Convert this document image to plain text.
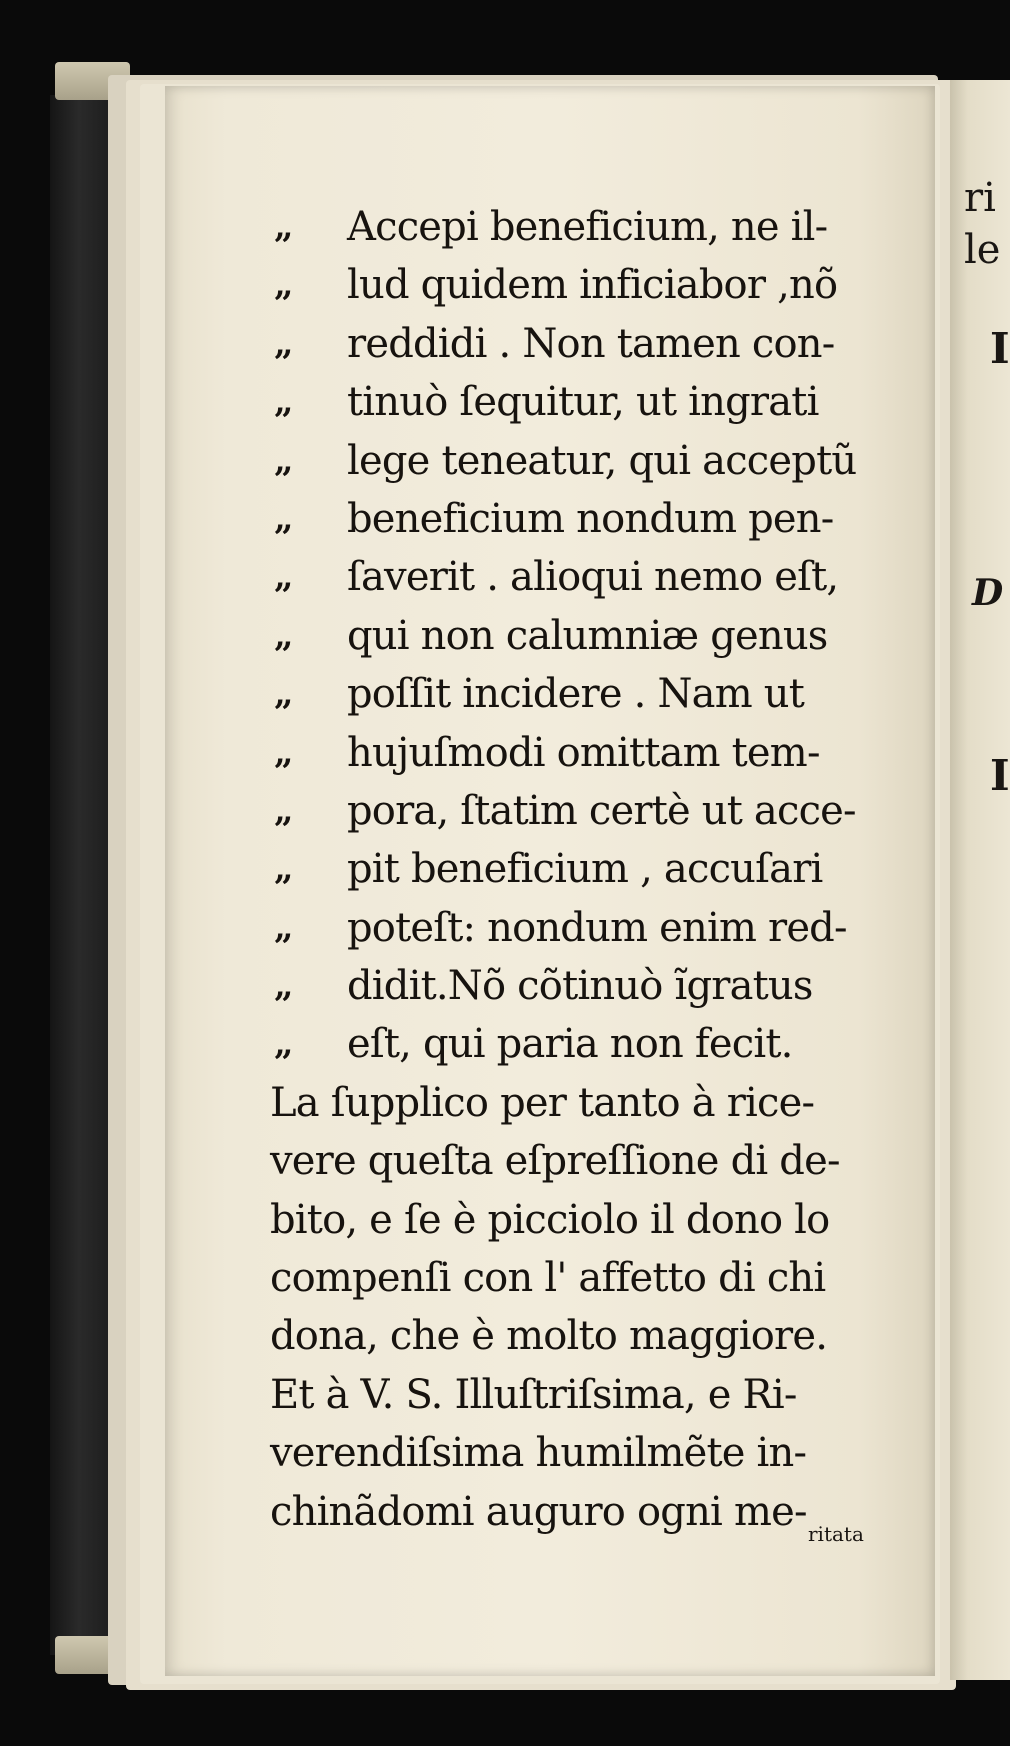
ri
le
I
D
I
„ Accepi beneficium, ne il-
„ lud quidem inficiabor ,nõ
„ reddidi . Non tamen con-
„ tinuò ſequitur, ut ingrati
„ lege teneatur, qui acceptũ
„ beneficium nondum pen-
„ ſaverit . alioqui nemo eſt,
„ qui non calumniæ genus
„ poſſit incidere . Nam ut
„ hujuſmodi omittam tem-
„ pora, ſtatim certè ut acce-
„ pit beneficium , accuſari
„ poteſt: nondum enim red-
„ didit.Nõ cõtinuò ĩgratus
„ eſt, qui paria non fecit.
La ſupplico per tanto à rice-
vere queſta eſpreſſione di de-
bito, e ſe è picciolo il dono lo
compenſi con l' affetto di chi
dona, che è molto maggiore.
Et à V. S. Illuſtriſsima, e Ri-
verendiſsima humilmẽte in-
chinãdomi auguro ogni me- ritata
